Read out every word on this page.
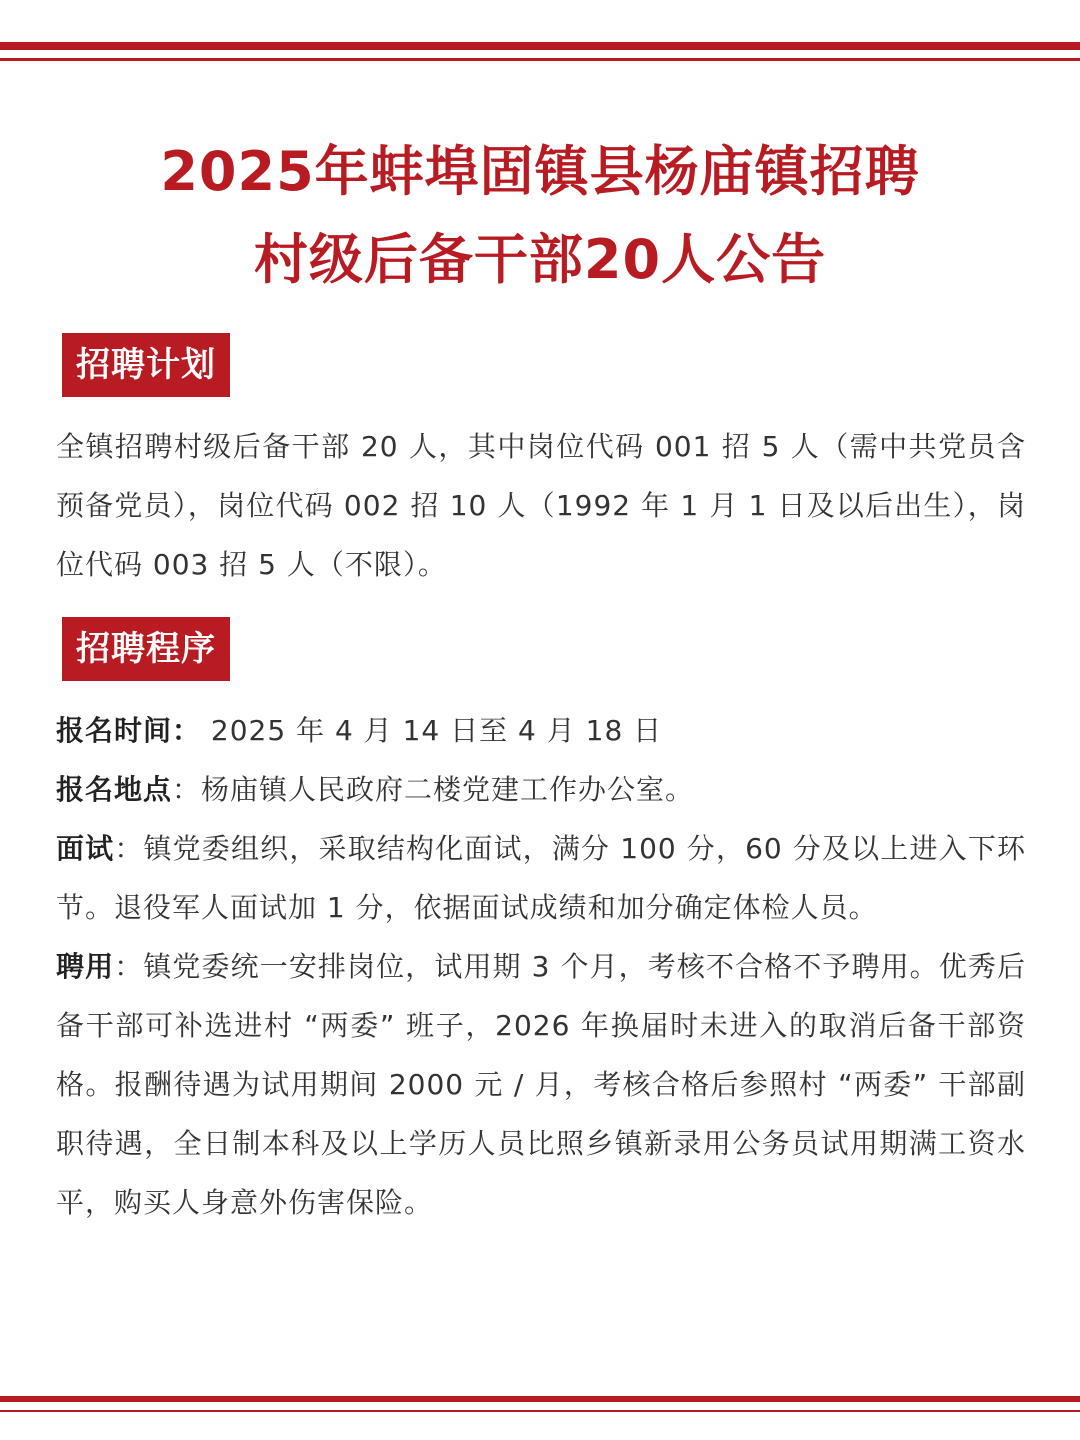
2025年蚌埠固镇县杨庙镇招聘
村级后备干部20人公告
招聘计划
全镇招聘村级后备干部 20 人，其中岗位代码 001 招 5 人（需中共党员含预备党员），岗位代码 002 招 10 人（1992 年 1 月 1 日及以后出生），岗位代码 003 招 5 人（不限）。
招聘程序

报名时间： 2025 年 4 月 14 日至 4 月 18 日

报名地点：杨庙镇人民政府二楼党建工作办公室。

面试：镇党委组织，采取结构化面试，满分 100 分，60 分及以上进入下环节。退役军人面试加 1 分，依据面试成绩和加分确定体检人员。

聘用：镇党委统一安排岗位，试用期 3 个月，考核不合格不予聘用。优秀后备干部可补选进村 “两委” 班子，2026 年换届时未进入的取消后备干部资格。报酬待遇为试用期间 2000 元 / 月，考核合格后参照村 “两委” 干部副职待遇，全日制本科及以上学历人员比照乡镇新录用公务员试用期满工资水平，购买人身意外伤害保险。
